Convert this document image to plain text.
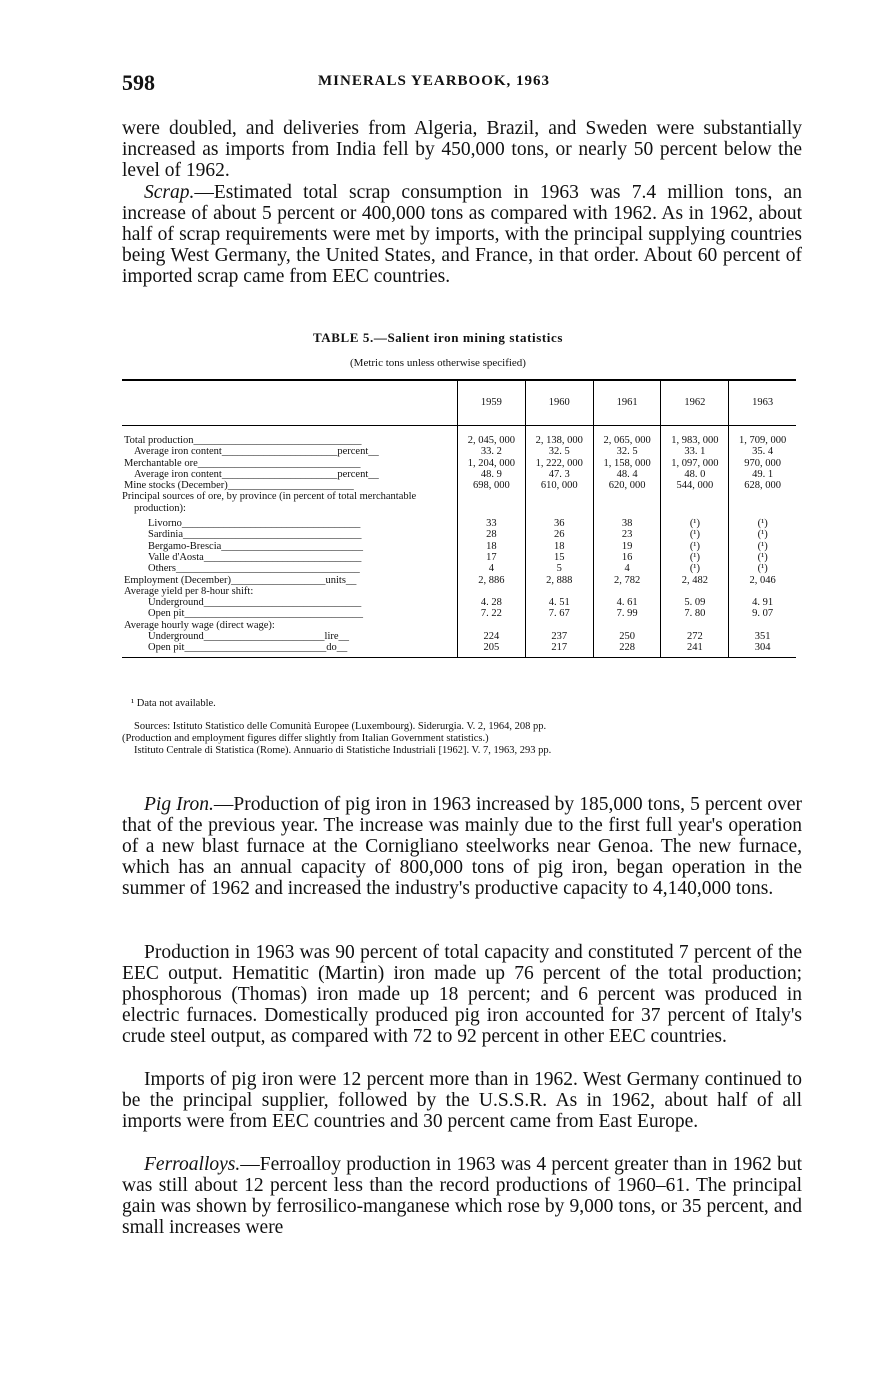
598	MINERALS YEARBOOK, 1963

were doubled, and deliveries from Algeria, Brazil, and Sweden were substantially increased as imports from India fell by 450,000 tons, or nearly 50 percent below the level of 1962.

Scrap.—Estimated total scrap consumption in 1963 was 7.4 million tons, an increase of about 5 percent or 400,000 tons as compared with 1962. As in 1962, about half of scrap requirements were met by imports, with the principal supplying countries being West Germany, the United States, and France, in that order. About 60 percent of imported scrap came from EEC countries.

TABLE 5.—Salient iron mining statistics
(Metric tons unless otherwise specified)
	1959	1960	1961	1962	1963
Total production________________________________	2, 045, 000	2, 138, 000	2, 065, 000	1, 983, 000	1, 709, 000
Average iron content______________________percent__	33. 2	32. 5	32. 5	33. 1	35. 4
Merchantable ore_______________________________	1, 204, 000	1, 222, 000	1, 158, 000	1, 097, 000	970, 000
Average iron content______________________percent__	48. 9	47. 3	48. 4	48. 0	49. 1
Mine stocks (December)________________________	698, 000	610, 000	620, 000	544, 000	628, 000
Principal sources of ore, by province (in percent of total merchantable production):					
Livorno__________________________________	33	36	38	(¹)	(¹)
Sardinia__________________________________	28	26	23	(¹)	(¹)
Bergamo-Brescia___________________________	18	18	19	(¹)	(¹)
Valle d'Aosta______________________________	17	15	16	(¹)	(¹)
Others___________________________________	4	5	4	(¹)	(¹)
Employment (December)__________________units__	2, 886	2, 888	2, 782	2, 482	2, 046
Average yield per 8-hour shift:					
Underground______________________________	4. 28	4. 51	4. 61	5. 09	4. 91
Open pit__________________________________	7. 22	7. 67	7. 99	7. 80	9. 07
Average hourly wage (direct wage):					
Underground_______________________lire__	224	237	250	272	351
Open pit___________________________do__	205	217	228	241	304
¹ Data not available.

Sources: Istituto Statistico delle Comunità Europee (Luxembourg). Siderurgia. V. 2, 1964, 208 pp.

(Production and employment figures differ slightly from Italian Government statistics.)

Istituto Centrale di Statistica (Rome). Annuario di Statistiche Industriali [1962]. V. 7, 1963, 293 pp.

Pig Iron.—Production of pig iron in 1963 increased by 185,000 tons, 5 percent over that of the previous year. The increase was mainly due to the first full year's operation of a new blast furnace at the Cornigliano steelworks near Genoa. The new furnace, which has an annual capacity of 800,000 tons of pig iron, began operation in the summer of 1962 and increased the industry's productive capacity to 4,140,000 tons.

Production in 1963 was 90 percent of total capacity and constituted 7 percent of the EEC output. Hematitic (Martin) iron made up 76 percent of the total production; phosphorous (Thomas) iron made up 18 percent; and 6 percent was produced in electric furnaces. Domestically produced pig iron accounted for 37 percent of Italy's crude steel output, as compared with 72 to 92 percent in other EEC countries.

Imports of pig iron were 12 percent more than in 1962. West Germany continued to be the principal supplier, followed by the U.S.S.R. As in 1962, about half of all imports were from EEC countries and 30 percent came from East Europe.

Ferroalloys.—Ferroalloy production in 1963 was 4 percent greater than in 1962 but was still about 12 percent less than the record productions of 1960–61. The principal gain was shown by ferrosilico-manganese which rose by 9,000 tons, or 35 percent, and small increases were
